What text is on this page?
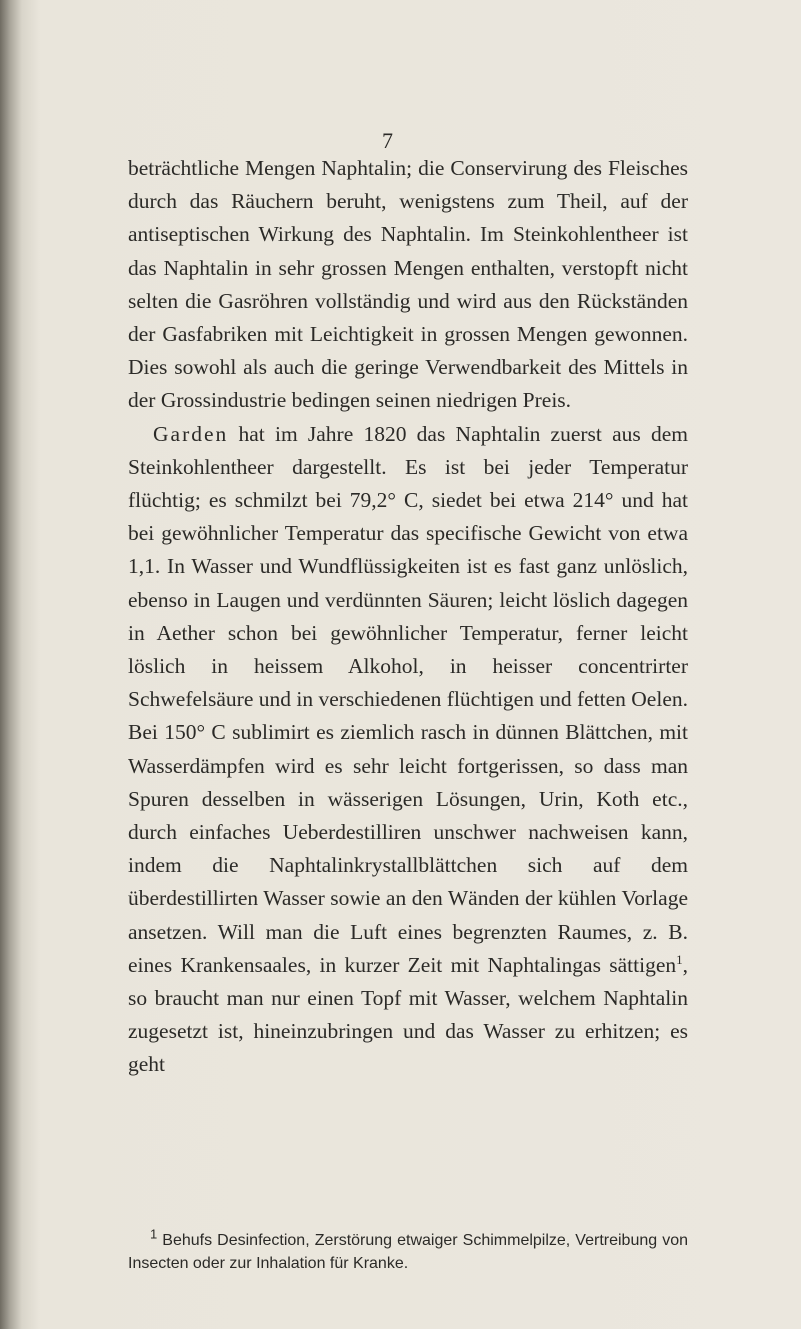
7

beträchtliche Mengen Naphtalin; die Conservirung des Fleisches durch das Räuchern beruht, wenigstens zum Theil, auf der antiseptischen Wirkung des Naphtalin. Im Steinkohlentheer ist das Naphtalin in sehr grossen Mengen enthalten, verstopft nicht selten die Gasröhren vollständig und wird aus den Rückständen der Gasfabriken mit Leichtigkeit in grossen Mengen gewonnen. Dies sowohl als auch die geringe Verwendbarkeit des Mittels in der Grossindustrie bedingen seinen niedrigen Preis.

Garden hat im Jahre 1820 das Naphtalin zuerst aus dem Steinkohlentheer dargestellt. Es ist bei jeder Temperatur flüchtig; es schmilzt bei 79,2° C, siedet bei etwa 214° und hat bei gewöhnlicher Temperatur das specifische Gewicht von etwa 1,1. In Wasser und Wundflüssigkeiten ist es fast ganz unlöslich, ebenso in Laugen und verdünnten Säuren; leicht löslich dagegen in Aether schon bei gewöhnlicher Temperatur, ferner leicht löslich in heissem Alkohol, in heisser concentrirter Schwefelsäure und in verschiedenen flüchtigen und fetten Oelen. Bei 150° C sublimirt es ziemlich rasch in dünnen Blättchen, mit Wasserdämpfen wird es sehr leicht fortgerissen, so dass man Spuren desselben in wässerigen Lösungen, Urin, Koth etc., durch einfaches Ueberdestilliren unschwer nachweisen kann, indem die Naphtalinkrystallblättchen sich auf dem überdestillirten Wasser sowie an den Wänden der kühlen Vorlage ansetzen. Will man die Luft eines begrenzten Raumes, z. B. eines Krankensaales, in kurzer Zeit mit Naphtalingas sättigen$^1$, so braucht man nur einen Topf mit Wasser, welchem Naphtalin zugesetzt ist, hineinzubringen und das Wasser zu erhitzen; es geht

$^1$ Behufs Desinfection, Zerstörung etwaiger Schimmelpilze, Vertreibung von Insecten oder zur Inhalation für Kranke.
